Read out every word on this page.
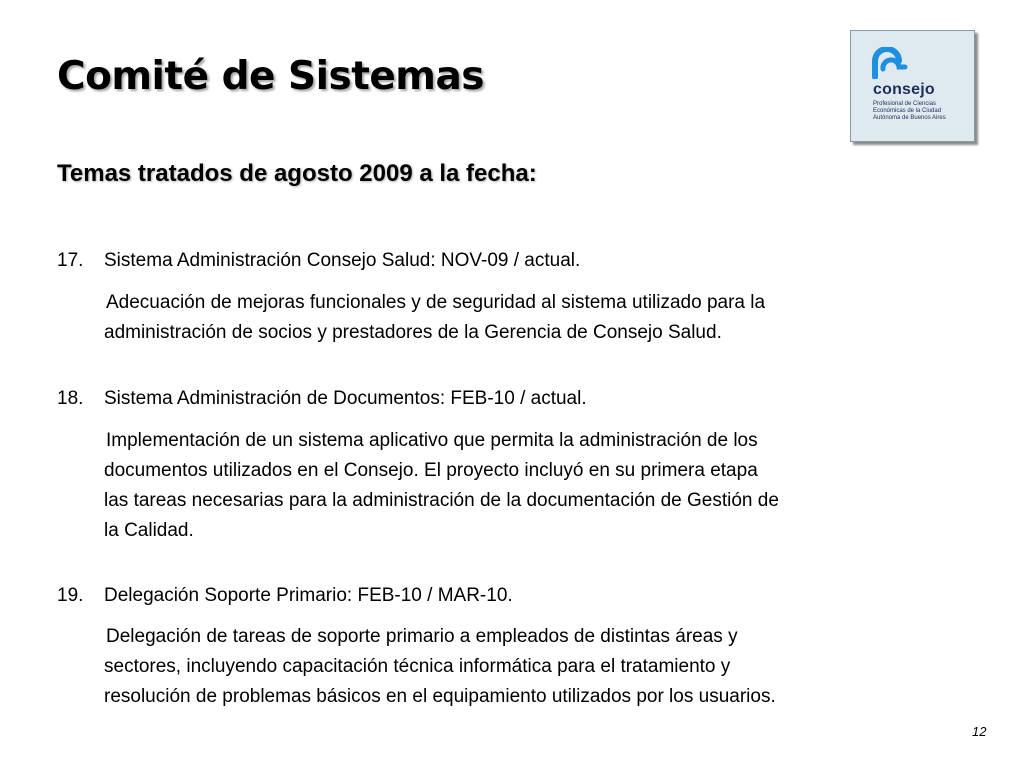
Comité de Sistemas	consejo
Profesional de Ciencias
Económicas de la Ciudad
Autónoma de Buenos Aires
Temas tratados de agosto 2009 a la fecha:
17. Sistema Administración Consejo Salud: NOV-09 / actual.
Adecuación de mejoras funcionales y de seguridad al sistema utilizado para la
administración de socios y prestadores de la Gerencia de Consejo Salud.
18. Sistema Administración de Documentos: FEB-10 / actual.
Implementación de un sistema aplicativo que permita la administración de los
documentos utilizados en el Consejo. El proyecto incluyó en su primera etapa
las tareas necesarias para la administración de la documentación de Gestión de
la Calidad.
19. Delegación Soporte Primario: FEB-10 / MAR-10.
Delegación de tareas de soporte primario a empleados de distintas áreas y
sectores, incluyendo capacitación técnica informática para el tratamiento y
resolución de problemas básicos en el equipamiento utilizados por los usuarios.
12
